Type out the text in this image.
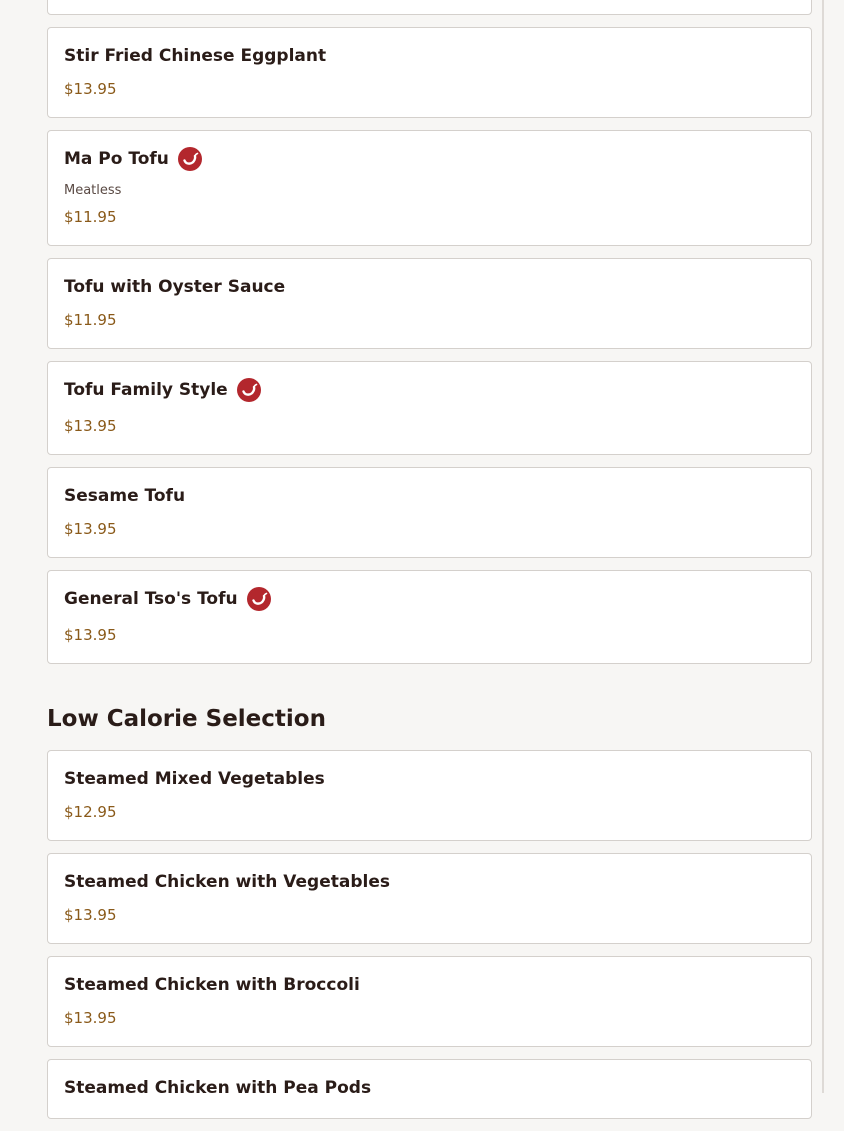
Stir Fried Chinese Eggplant
$13.95
Ma Po Tofu
Meatless
$11.95
Tofu with Oyster Sauce
$11.95
Tofu Family Style
$13.95
Sesame Tofu
$13.95
General Tso's Tofu
$13.95
Low Calorie Selection
Steamed Mixed Vegetables
$12.95
Steamed Chicken with Vegetables
$13.95
Steamed Chicken with Broccoli
$13.95
Steamed Chicken with Pea Pods
